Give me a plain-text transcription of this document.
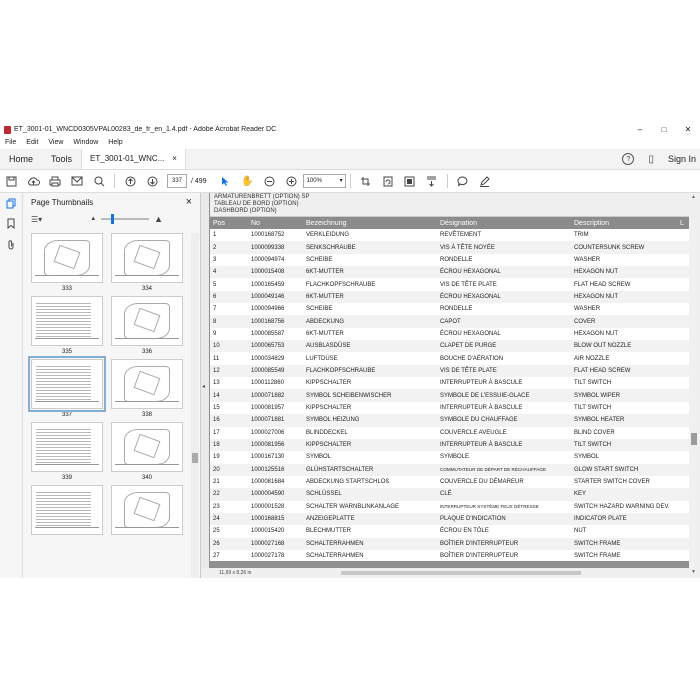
ET_3001-01_WNCD0305VPAL00283_de_fr_en_1.4.pdf - Adobe Acrobat Reader DC	–	□	✕
File	Edit	View	Window	Help
Home	Tools	ET_3001-01_WNC... ×	?	▯ Sign In
337	/ 499	✋	100%	▾

Page Thumbnails	×
☰▾	▲	▲
333	334
335	336
337	338
339	340
◂
ARMATURENBRETT (OPTION) SP
TABLEAU DE BORD (OPTION)
DASHBORD (OPTION)
Pos	No	Bezeichnung	Désignation	Description	L
1	1000168752	VERKLEIDUNG	REVÊTEMENT	TRIM	
2	1000099338	SENKSCHRAUBE	VIS À TÊTE NOYÉE	COUNTERSUNK SCREW	
3	1000094974	SCHEIBE	RONDELLE	WASHER	
4	1000015408	6KT-MUTTER	ÉCROU HEXAGONAL	HEXAGON NUT	
5	1000165459	FLACHKOPFSCHRAUBE	VIS DE TÊTE PLATE	FLAT HEAD SCREW	
6	1000049146	6KT-MUTTER	ÉCROU HEXAGONAL	HEXAGON NUT	
7	1000094966	SCHEIBE	RONDELLE	WASHER	
8	1000168756	ABDECKUNG	CAPOT	COVER	
9	1000085587	6KT-MUTTER	ÉCROU HEXAGONAL	HEXAGON NUT	
10	1000065753	AUSBLASDÜSE	CLAPET DE PURGE	BLOW OUT NOZZLE	
11	1000034829	LUFTDÜSE	BOUCHE D'AÉRATION	AIR NOZZLE	
12	1000085549	FLACHKOPFSCHRAUBE	VIS DE TÊTE PLATE	FLAT HEAD SCREW	
13	1000112860	KIPPSCHALTER	INTERRUPTEUR À BASCULE	TILT SWITCH	
14	1000071882	SYMBOL SCHEIBENWISCHER	SYMBOLE DE L'ESSUIE-GLACE	SYMBOL WIPER	
15	1000081957	KIPPSCHALTER	INTERRUPTEUR À BASCULE	TILT SWITCH	
16	1000071881	SYMBOL HEIZUNG	SYMBOLE DU CHAUFFAGE	SYMBOL HEATER	
17	1000027006	BLINDDECKEL	COUVERCLE AVEUGLE	BLIND COVER	
18	1000081956	KIPPSCHALTER	INTERRUPTEUR À BASCULE	TILT SWITCH	
19	1000167130	SYMBOL	SYMBOLE	SYMBOL	
20	1000125516	GLÜHSTARTSCHALTER	COMMUTATEUR DE DÉPART DE RÉCHAUFFAGE	GLOW START SWITCH	
21	1000081684	ABDECKUNG STARTSCHLOß	COUVERCLE DU DÉMAREUR	STARTER SWITCH COVER	
22	1000004590	SCHLÜSSEL	CLÉ	KEY	
23	1000001528	SCHALTER WARNBLINKANLAGE	INTERRUPTEUR SYSTÈME FEUX DÉTRESSE	SWITCH HAZARD WARNING DEV.	
24	1000168815	ANZEIGEPLATTE	PLAQUE D'INDICATION	INDICATOR PLATE	
25	1000015420	BLECHMUTTER	ÉCROU EN TÔLE	NUT	
26	1000027168	SCHALTERRAHMEN	BOÎTIER D'INTERRUPTEUR	SWITCH FRAME	
27	1000027178	SCHALTERRAHMEN	BOÎTIER D'INTERRUPTEUR	SWITCH FRAME	
▲
▼
11,69 x 8,26 in
